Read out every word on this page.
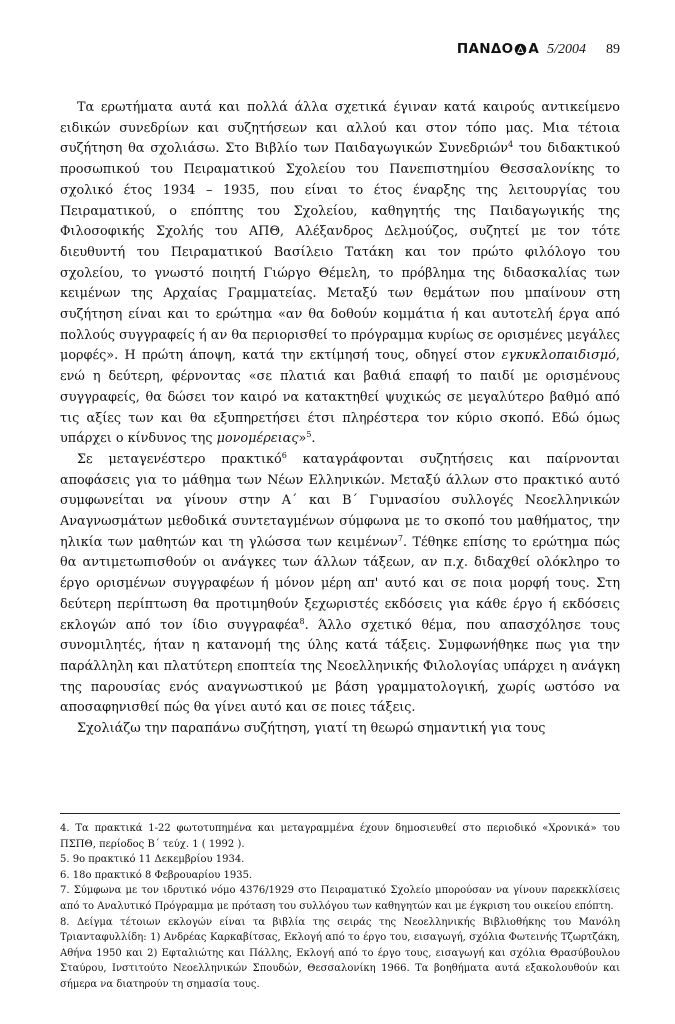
ΠΑΝΔΟ Α 5/2004 89

Τα ερωτήματα αυτά και πολλά άλλα σχετικά έγιναν κατά καιρούς αντικείμενο ειδικών συνεδρίων και συζητήσεων και αλλού και στον τόπο μας. Μια τέτοια συζήτηση θα σχολιάσω. Στο Βιβλίο των Παιδαγωγικών Συνεδριών$^4$ του διδακτικού προσωπικού του Πειραματικού Σχολείου του Πανεπιστημίου Θεσσαλονίκης το σχολικό έτος 1934 – 1935, που είναι το έτος έναρξης της λειτουργίας του Πειραματικού, ο επόπτης του Σχολείου, καθηγητής της Παιδαγωγικής της Φιλοσοφικής Σχολής του ΑΠΘ, Αλέξανδρος Δελμούζος, συζητεί με τον τότε διευθυντή του Πειραματικού Βασίλειο Τατάκη και τον πρώτο φιλόλογο του σχολείου, το γνωστό ποιητή Γιώργο Θέμελη, το πρόβλημα της διδασκαλίας των κειμένων της Αρχαίας Γραμματείας. Μεταξύ των θεμάτων που μπαίνουν στη συζήτηση είναι και το ερώτημα «αν θα δοθούν κομμάτια ή και αυτοτελή έργα από πολλούς συγγραφείς ή αν θα περιορισθεί το πρόγραμμα κυρίως σε ορισμένες μεγάλες μορφές». Η πρώτη άποψη, κατά την εκτίμησή τους, οδηγεί στον εγκυκλοπαιδισμό, ενώ η δεύτερη, φέρνοντας «σε πλατιά και βαθιά επαφή το παιδί με ορισμένους συγγραφείς, θα δώσει τον καιρό να κατακτηθεί ψυχικώς σε μεγαλύτερο βαθμό από τις αξίες των και θα εξυπηρετήσει έτσι πληρέστερα τον κύριο σκοπό. Εδώ όμως υπάρχει ο κίνδυνος της μονομέρειας»$^5$.

Σε μεταγενέστερο πρακτικό$^6$ καταγράφονται συζητήσεις και παίρνονται αποφάσεις για το μάθημα των Νέων Ελληνικών. Μεταξύ άλλων στο πρακτικό αυτό συμφωνείται να γίνουν στην Α΄ και Β΄ Γυμνασίου συλλογές Νεοελληνικών Αναγνωσμάτων μεθοδικά συντεταγμένων σύμφωνα με το σκοπό του μαθήματος, την ηλικία των μαθητών και τη γλώσσα των κειμένων$^7$. Τέθηκε επίσης το ερώτημα πώς θα αντιμετωπισθούν οι ανάγκες των άλλων τάξεων, αν π.χ. διδαχθεί ολόκληρο το έργο ορισμένων συγγραφέων ή μόνον μέρη απ' αυτό και σε ποια μορφή τους. Στη δεύτερη περίπτωση θα προτιμηθούν ξεχωριστές εκδόσεις για κάθε έργο ή εκδόσεις εκλογών από τον ίδιο συγγραφέα$^8$. Άλλο σχετικό θέμα, που απασχόλησε τους συνομιλητές, ήταν η κατανομή της ύλης κατά τάξεις. Συμφωνήθηκε πως για την παράλληλη και πλατύτερη εποπτεία της Νεοελληνικής Φιλολογίας υπάρχει η ανάγκη της παρουσίας ενός αναγνωστικού με βάση γραμματολογική, χωρίς ωστόσο να αποσαφηνισθεί πώς θα γίνει αυτό και σε ποιες τάξεις.

Σχολιάζω την παραπάνω συζήτηση, γιατί τη θεωρώ σημαντική για τους

4. Τα πρακτικά 1-22 φωτοτυπημένα και μεταγραμμένα έχουν δημοσιευθεί στο περιοδικό «Χρονικά» του ΠΣΠΘ, περίοδος Β΄ τεύχ. 1 ( 1992 ).

5. 9ο πρακτικό 11 Δεκεμβρίου 1934.

6. 18ο πρακτικό 8 Φεβρουαρίου 1935.

7. Σύμφωνα με τον ιδρυτικό νόμο 4376/1929 στο Πειραματικό Σχολείο μπορούσαν να γίνουν παρεκκλίσεις από το Αναλυτικό Πρόγραμμα με πρόταση του συλλόγου των καθηγητών και με έγκριση του οικείου επόπτη.

8. Δείγμα τέτοιων εκλογών είναι τα βιβλία της σειράς της Νεοελληνικής Βιβλιοθήκης του Μανόλη Τριανταφυλλίδη: 1) Ανδρέας Καρκαβίτσας, Εκλογή από το έργο του, εισαγωγή, σχόλια Φωτεινής Τζωρτζάκη, Αθήνα 1950 και 2) Εφταλιώτης και Πάλλης, Εκλογή από το έργο τους, εισαγωγή και σχόλια Θρασύβουλου Σταύρου, Ινστιτούτο Νεοελληνικών Σπουδών, Θεσσαλονίκη 1966. Τα βοηθήματα αυτά εξακολουθούν και σήμερα να διατηρούν τη σημασία τους.
